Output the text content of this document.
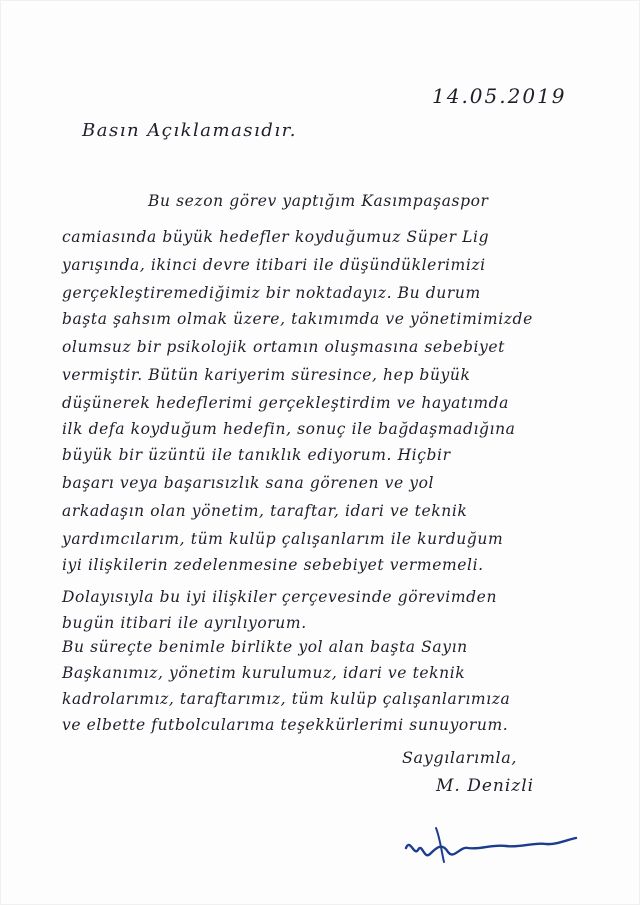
14.05.2019
Basın Açıklamasıdır.
Bu sezon görev yaptığım Kasımpaşaspor
camiasında büyük hedefler koyduğumuz Süper Lig
yarışında, ikinci devre itibari ile düşündüklerimizi
gerçekleştiremediğimiz bir noktadayız. Bu durum
başta şahsım olmak üzere, takımımda ve yönetimimizde
olumsuz bir psikolojik ortamın oluşmasına sebebiyet
vermiştir. Bütün kariyerim süresince, hep büyük
düşünerek hedeflerimi gerçekleştirdim ve hayatımda
ilk defa koyduğum hedefin, sonuç ile bağdaşmadığına
büyük bir üzüntü ile tanıklık ediyorum. Hiçbir
başarı veya başarısızlık sana görenen ve yol
arkadaşın olan yönetim, taraftar, idari ve teknik
yardımcılarım, tüm kulüp çalışanlarım ile kurduğum
iyi ilişkilerin zedelenmesine sebebiyet vermemeli.
Dolayısıyla bu iyi ilişkiler çerçevesinde görevimden
bugün itibari ile ayrılıyorum.
Bu süreçte benimle birlikte yol alan başta Sayın
Başkanımız, yönetim kurulumuz, idari ve teknik
kadrolarımız, taraftarımız, tüm kulüp çalışanlarımıza
ve elbette futbolcularıma teşekkürlerimi sunuyorum.
Saygılarımla,
M. Denizli
